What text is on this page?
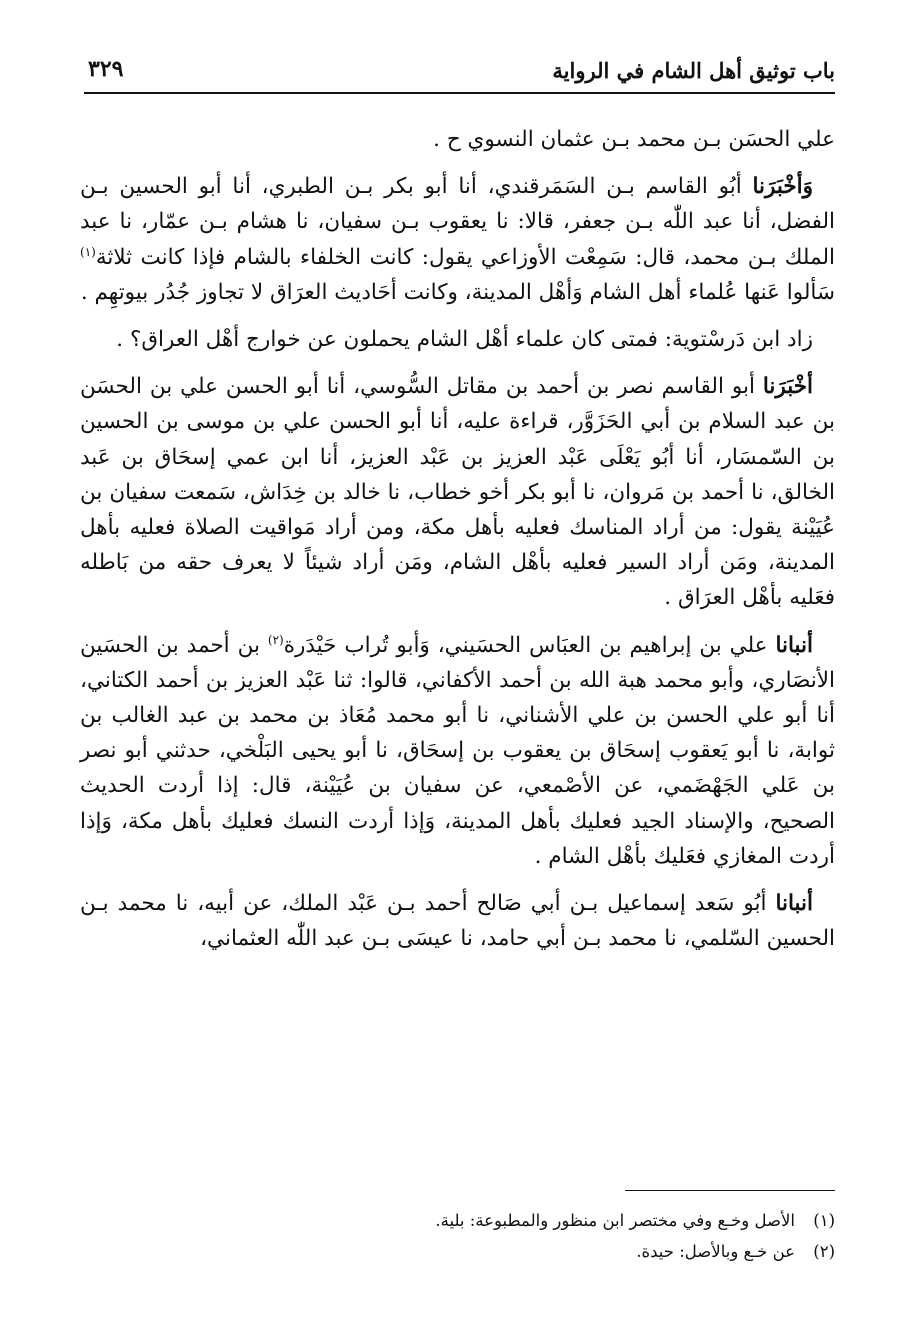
باب توثيق أهل الشام في الرواية
٣٢٩

علي الحسَن بـن محمد بـن عثمان النسوي ح .

وَأخْبَرَنا أبُو القاسم بـن السَمَرقندي، أنا أبو بكر بـن الطبري، أنا أبو الحسين بـن الفضل، أنا عبد اللّٰه بـن جعفر، قالا: نا يعقوب بـن سفيان، نا هشام بـن عمّار، نا عبد الملك بـن محمد، قال: سَمِعْت الأوزاعي يقول: كانت الخلفاء بالشام فإذا كانت ثلاثة$^{(١)}$ سَألوا عَنها عُلماء أهل الشام وَأهْل المدينة، وكانت أحَاديث العرَاق لا تجاوز جُدُر بيوتهِم .

زاد ابن دَرسْتوية: فمتى كان علماء أهْل الشام يحملون عن خوارج أهْل العراق؟ .

أخْبَرَنا أبو القاسم نصر بن أحمد بن مقاتل السُّوسي، أنا أبو الحسن علي بن الحسَن بن عبد السلام بن أبي الحَزَوَّر، قراءة عليه، أنا أبو الحسن علي بن موسى بن الحسين بن السّمسَار، أنا أبُو يَعْلَى عَبْد العزيز بن عَبْد العزيز، أنا ابن عمي إسحَاق بن عَبد الخالق، نا أحمد بن مَروان، نا أبو بكر أخو خطاب، نا خالد بن خِدَاش، سَمعت سفيان بن عُيَيْنة يقول: من أراد المناسك فعليه بأهل مكة، ومن أراد مَواقيت الصلاة فعليه بأهل المدينة، ومَن أراد السير فعليه بأهْل الشام، ومَن أراد شيئاً لا يعرف حقه من بَاطله فعَليه بأهْل العرَاق .

أنبانا علي بن إبراهيم بن العبَاس الحسَيني، وَأبو تُراب حَيْدَرة$^{(٢)}$ بن أحمد بن الحسَين الأنصَاري، وأبو محمد هبة الله بن أحمد الأكفاني، قالوا: ثنا عَبْد العزيز بن أحمد الكتاني، أنا أبو علي الحسن بن علي الأشناني، نا أبو محمد مُعَاذ بن محمد بن عبد الغالب بن ثوابة، نا أبو يَعقوب إسحَاق بن يعقوب بن إسحَاق، نا أبو يحيى البَلْخي، حدثني أبو نصر بن عَلي الجَهْضَمي، عن الأصْمعي، عن سفيان بن عُيَيْنة، قال: إذا أردت الحديث الصحيح، والإسناد الجيد فعليك بأهل المدينة، وَإذا أردت النسك فعليك بأهل مكة، وَإذا أردت المغازي فعَليك بأهْل الشام .

أنبانا أبُو سَعد إسماعيل بـن أبي صَالح أحمد بـن عَبْد الملك، عن أبيه، نا محمد بـن الحسين السّلمي، نا محمد بـن أبي حامد، نا عيسَى بـن عبد اللّٰه العثماني،

(١)الأصل وخـع وفي مختصر ابن منظور والمطبوعة: بلية.

(٢)عن خـع وبالأصل: حيدة.
